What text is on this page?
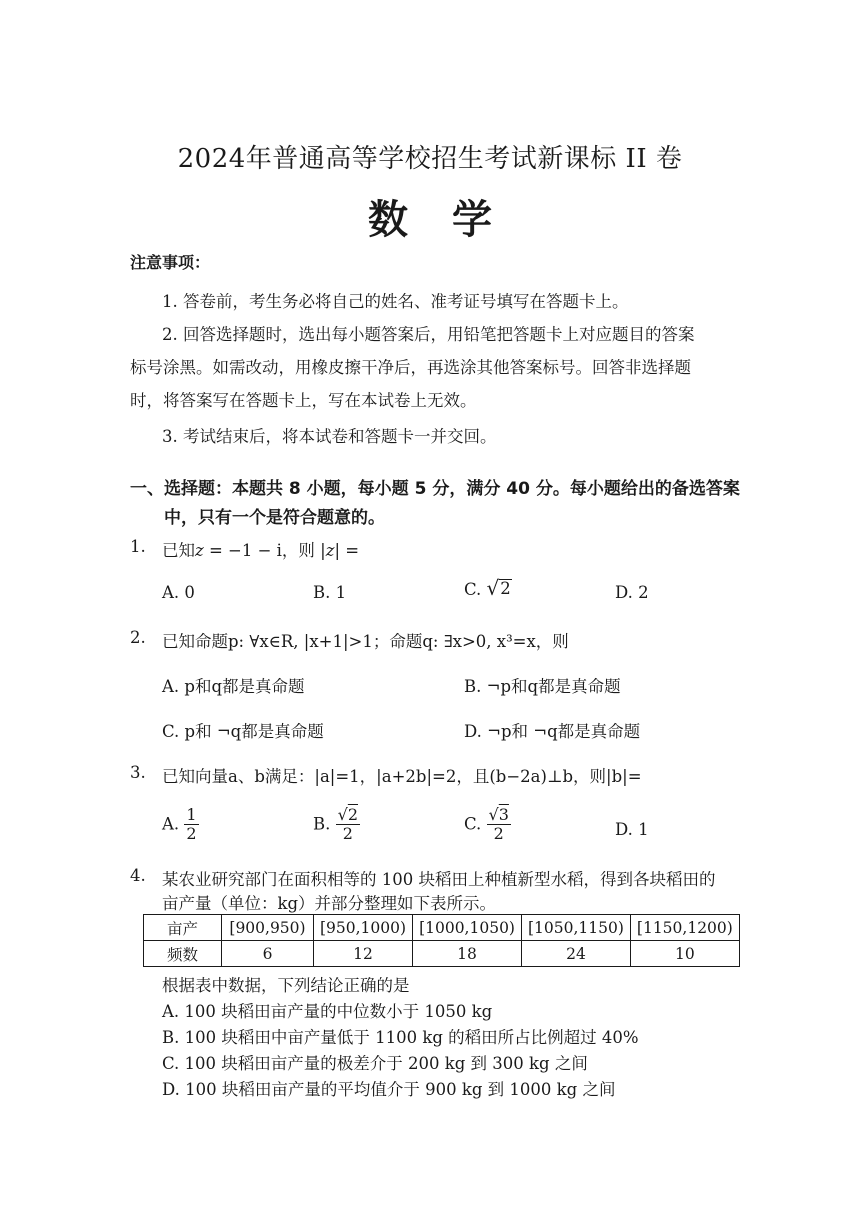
2024年普通高等学校招生考试新课标 II 卷
数学
注意事项：
1. 答卷前，考生务必将自己的姓名、准考证号填写在答题卡上。
2. 回答选择题时，选出每小题答案后，用铅笔把答题卡上对应题目的答案
标号涂黑。如需改动，用橡皮擦干净后，再选涂其他答案标号。回答非选择题
时，将答案写在答题卡上，写在本试卷上无效。
3. 考试结束后，将本试卷和答题卡一并交回。
一、选择题：本题共 8 小题，每小题 5 分，满分 40 分。每小题给出的备选答案
中，只有一个是符合题意的。
1. 已知z = −1 − i，则 |z| =
A. 0	B. 1	C. √ 2	D. 2
2. 已知命题p: ∀x∈R, |x+1|>1；命题q: ∃x>0, x³=x，则
A. p和q都是真命题	B. ¬p和q都是真命题
C. p和 ¬q都是真命题	D. ¬p和 ¬q都是真命题
3. 已知向量a、b满足：|a|=1，|a+2b|=2，且(b−2a)⊥b，则|b|=
A. $\frac{1}{2}$	B. $\frac{√2}{2}$	C. $\frac{√3}{2}$	D. 1
4. 某农业研究部门在面积相等的 100 块稻田上种植新型水稻，得到各块稻田的
亩产量（单位：kg）并部分整理如下表所示。
亩产	[900,950)	[950,1000)	[1000,1050)	[1050,1150)	[1150,1200)
频数	6	12	18	24	10
根据表中数据，下列结论正确的是
A. 100 块稻田亩产量的中位数小于 1050 kg
B. 100 块稻田中亩产量低于 1100 kg 的稻田所占比例超过 40%
C. 100 块稻田亩产量的极差介于 200 kg 到 300 kg 之间
D. 100 块稻田亩产量的平均值介于 900 kg 到 1000 kg 之间
